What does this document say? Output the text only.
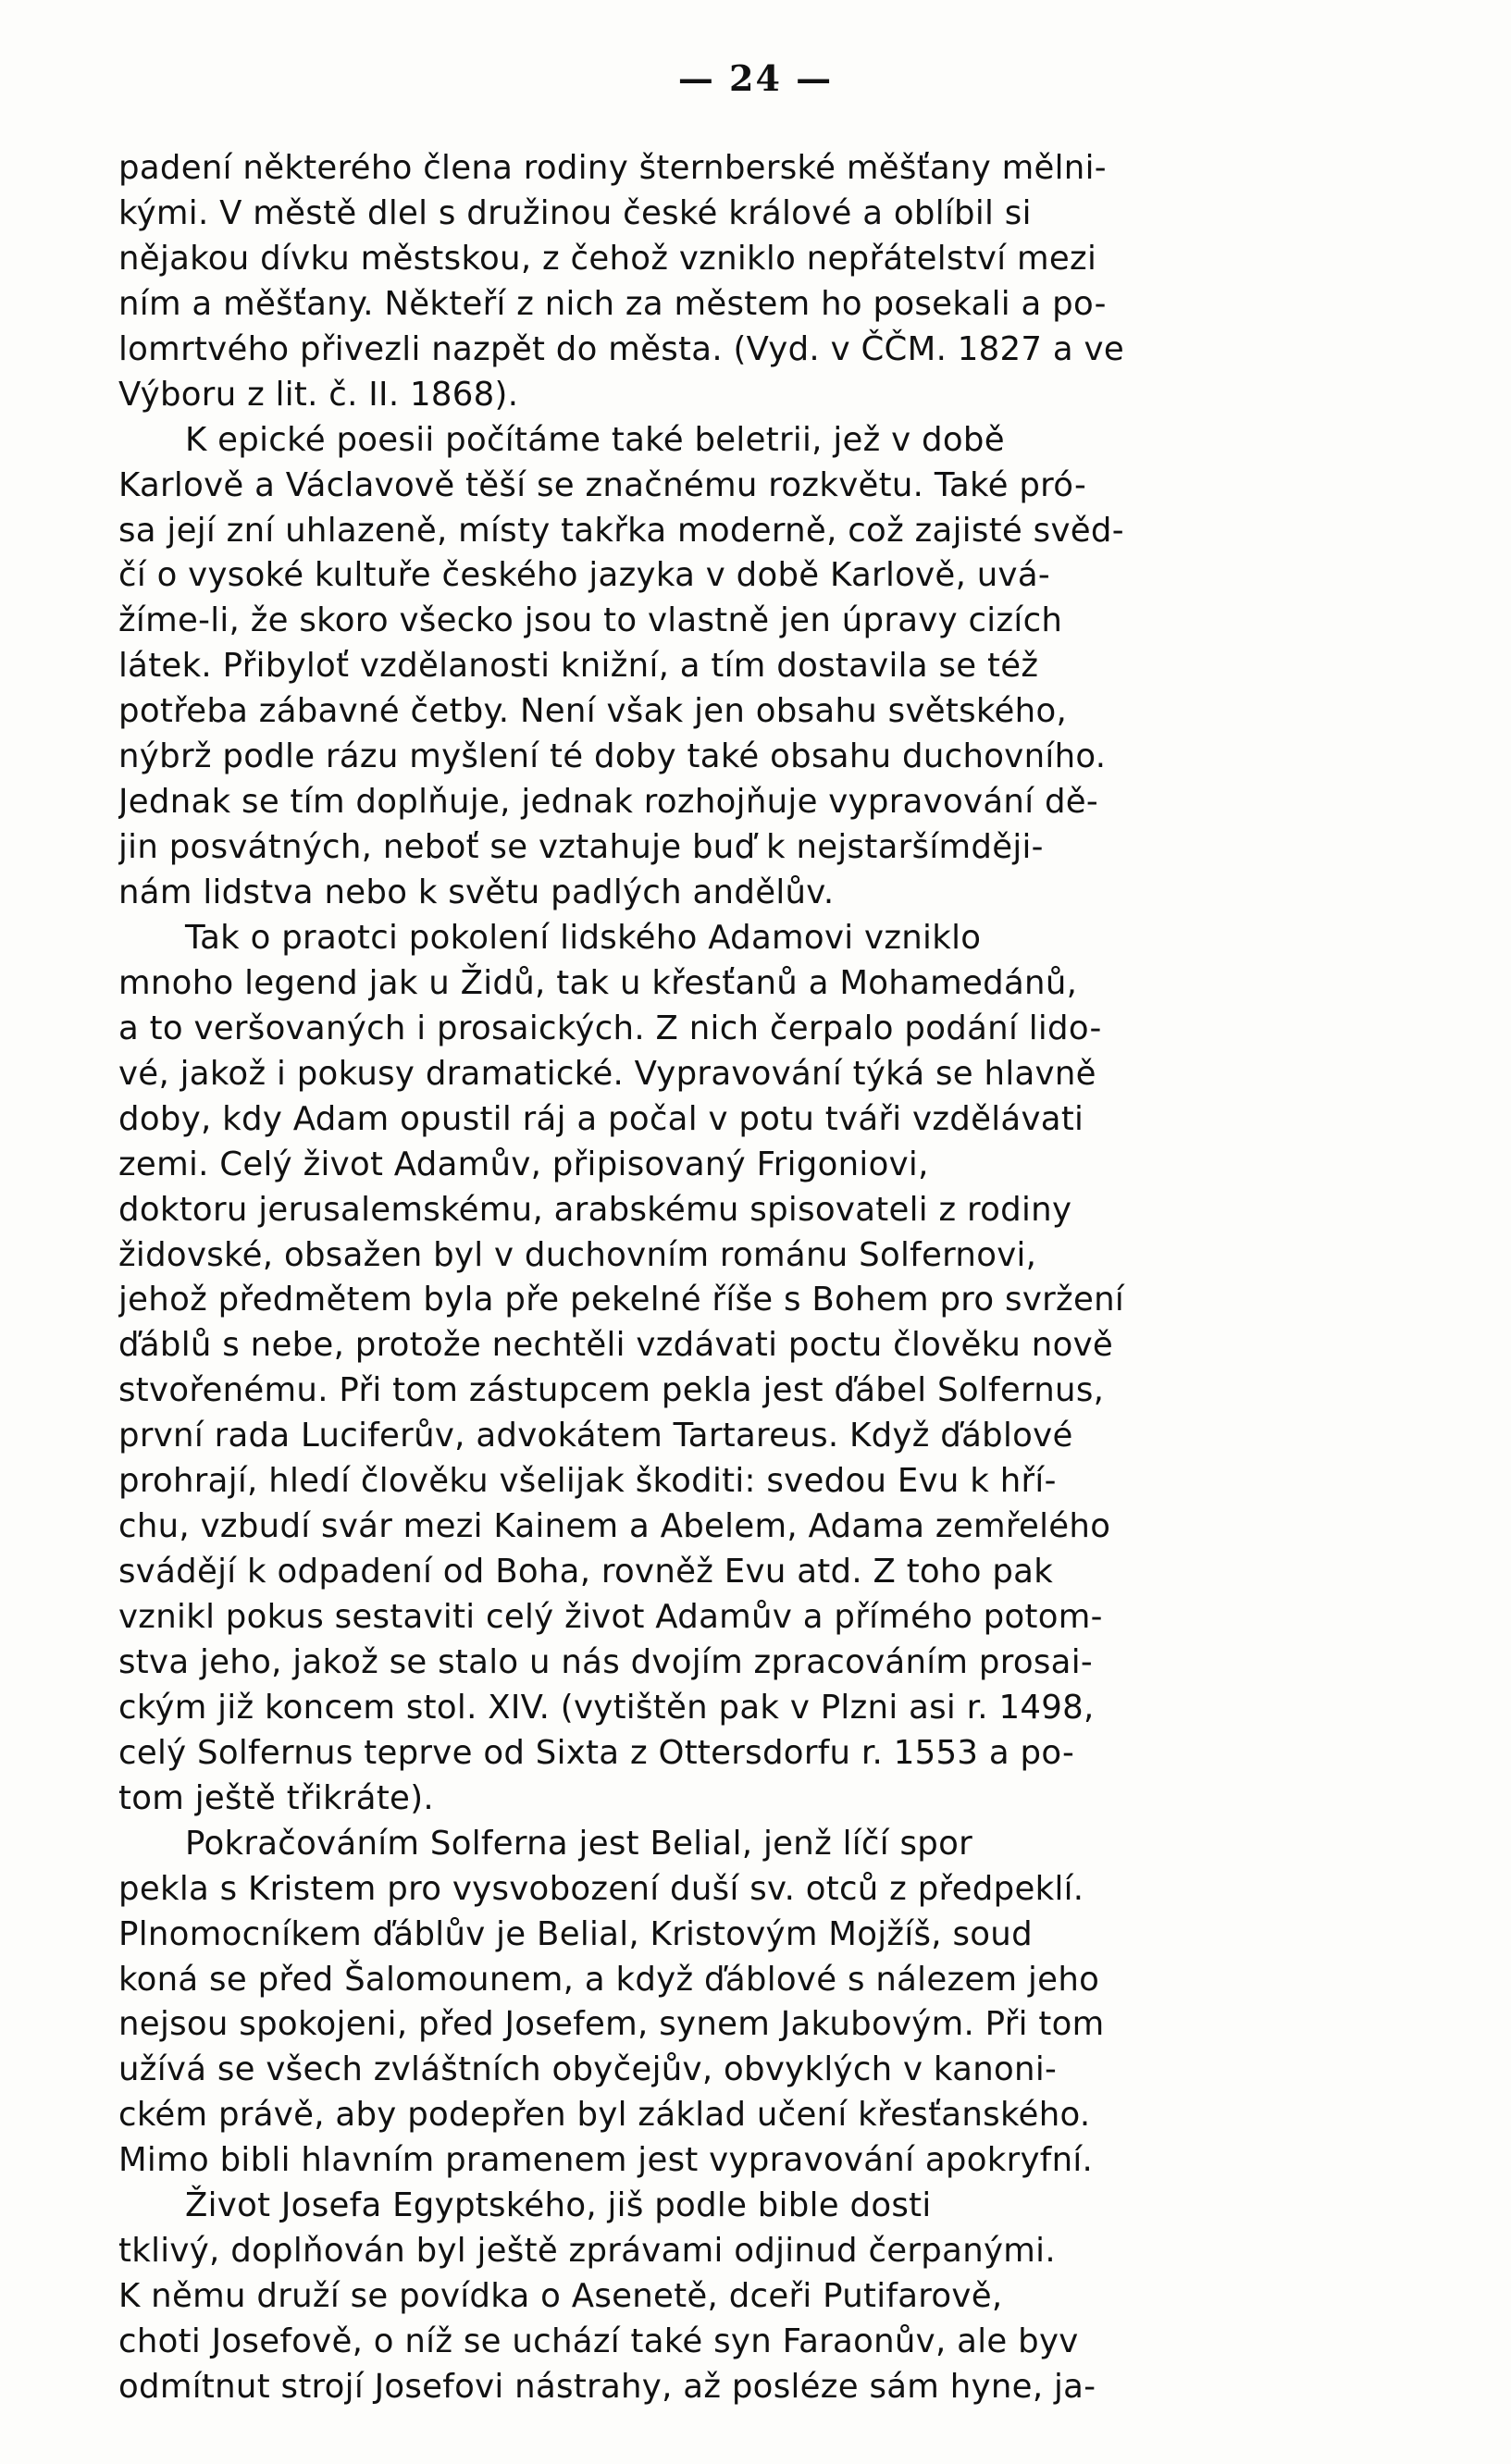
— 24 —
padení některého člena rodiny šternberské měšťany mělni-
kými. V městě dlel s družinou české králové a oblíbil si
nějakou dívku městskou, z čehož vzniklo nepřátelství mezi
ním a měšťany. Někteří z nich za městem ho posekali a po-
lomrtvého přivezli nazpět do města. (Vyd. v ČČM. 1827 a ve
Výboru z lit. č. II. 1868).
K epické poesii počítáme také beletrii, jež v době
Karlově a Václavově těší se značnému rozkvětu. Také pró-
sa její zní uhlazeně, místy takřka moderně, což zajisté svěd-
čí o vysoké kultuře českého jazyka v době Karlově, uvá-
žíme-li, že skoro všecko jsou to vlastně jen úpravy cizích
látek. Přibyloť vzdělanosti knižní, a tím dostavila se též
potřeba zábavné četby. Není však jen obsahu světského,
nýbrž podle rázu myšlení té doby také obsahu duchovního.
Jednak se tím doplňuje, jednak rozhojňuje vypravování dě-
jin posvátných, neboť se vztahuje buď k nejstaršímději-
nám lidstva nebo k světu padlých andělův.
Tak o praotci pokolení lidského Adamovi vzniklo
mnoho legend jak u Židů, tak u křesťanů a Mohamedánů,
a to veršovaných i prosaických. Z nich čerpalo podání lido-
vé, jakož i pokusy dramatické. Vypravování týká se hlavně
doby, kdy Adam opustil ráj a počal v potu tváři vzdělávati
zemi. Celý život Adamův, připisovaný Frigoniovi,
doktoru jerusalemskému, arabskému spisovateli z rodiny
židovské, obsažen byl v duchovním románu Solfernovi,
jehož předmětem byla pře pekelné říše s Bohem pro svržení
ďáblů s nebe, protože nechtěli vzdávati poctu člověku nově
stvořenému. Při tom zástupcem pekla jest ďábel Solfernus,
první rada Luciferův, advokátem Tartareus. Když ďáblové
prohrají, hledí člověku všelijak škoditi: svedou Evu k hří-
chu, vzbudí svár mezi Kainem a Abelem, Adama zemřelého
svádějí k odpadení od Boha, rovněž Evu atd. Z toho pak
vznikl pokus sestaviti celý život Adamův a přímého potom-
stva jeho, jakož se stalo u nás dvojím zpracováním prosai-
ckým již koncem stol. XIV. (vytištěn pak v Plzni asi r. 1498,
celý Solfernus teprve od Sixta z Ottersdorfu r. 1553 a po-
tom ještě třikráte).
Pokračováním Solferna jest Belial, jenž líčí spor
pekla s Kristem pro vysvobození duší sv. otců z předpeklí.
Plnomocníkem ďáblův je Belial, Kristovým Mojžíš, soud
koná se před Šalomounem, a když ďáblové s nálezem jeho
nejsou spokojeni, před Josefem, synem Jakubovým. Při tom
užívá se všech zvláštních obyčejův, obvyklých v kanoni-
ckém právě, aby podepřen byl základ učení křesťanského.
Mimo bibli hlavním pramenem jest vypravování apokryfní.
Život Josefa Egyptského, jiš podle bible dosti
tklivý, doplňován byl ještě zprávami odjinud čerpanými.
K němu druží se povídka o Asenetě, dceři Putifarově,
choti Josefově, o níž se uchází také syn Faraonův, ale byv
odmítnut strojí Josefovi nástrahy, až posléze sám hyne, ja-
